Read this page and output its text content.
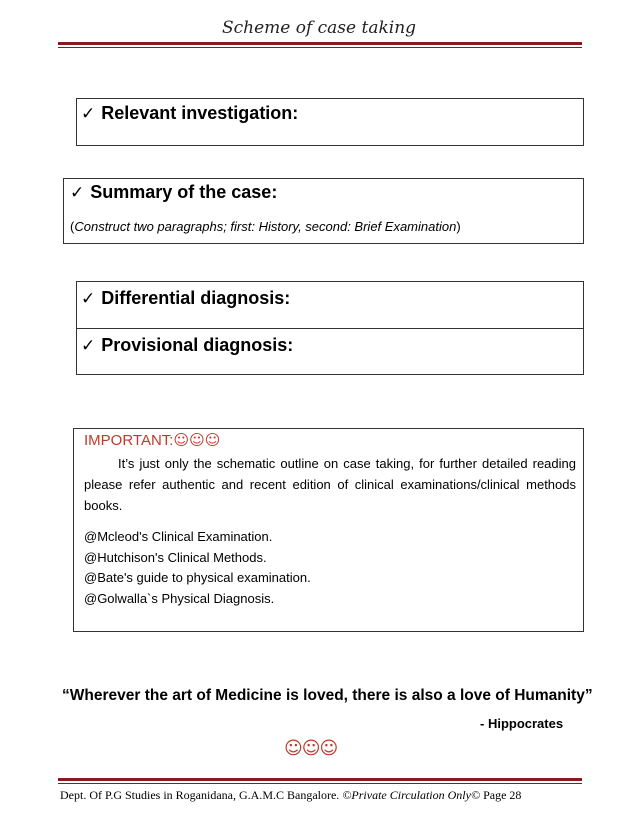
Scheme of case taking
✓ Relevant investigation:
✓ Summary of the case:
(Construct two paragraphs; first: History, second: Brief Examination)
✓ Differential diagnosis:
✓ Provisional diagnosis:
IMPORTANT:☺☺☺

It’s just only the schematic outline on case taking, for further detailed reading please refer authentic and recent edition of clinical examinations/clinical methods books.

@Mcleod's Clinical Examination.
@Hutchison's Clinical Methods.
@Bate's guide to physical examination.
@Golwalla`s Physical Diagnosis.
“Wherever the art of Medicine is loved, there is also a love of Humanity”
- Hippocrates
☺☺☺
Dept. Of P.G Studies in Roganidana, G.A.M.C Bangalore. ©Private Circulation Only© Page 28
